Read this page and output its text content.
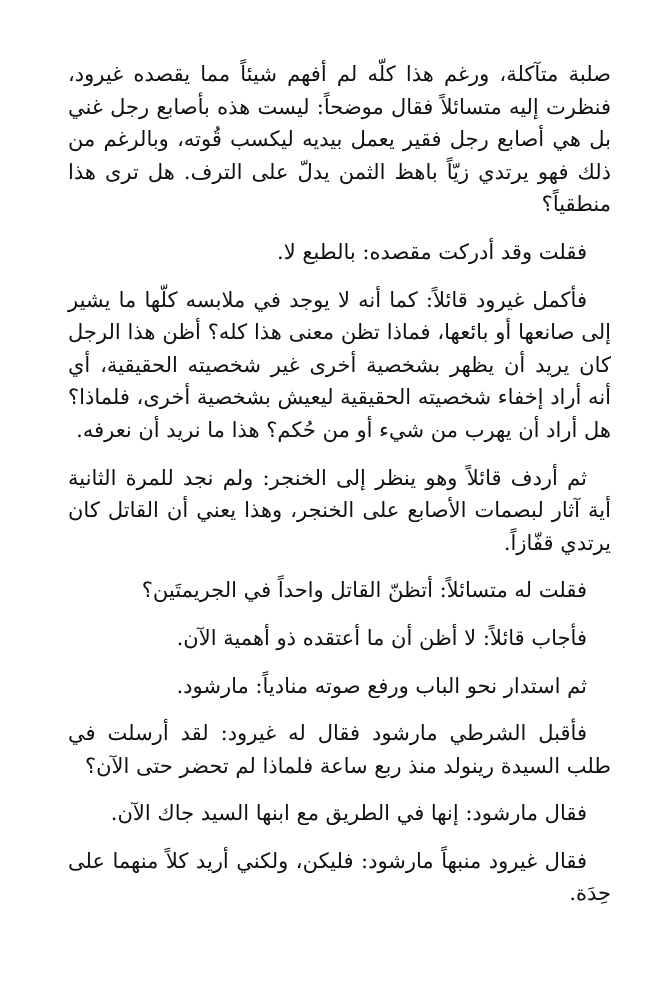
صلبة متآكلة، ورغم هذا كلّه لم أفهم شيئاً مما يقصده غيرود، فنظرت إليه متسائلاً فقال موضحاً: ليست هذه بأصابع رجل غني بل هي أصابع رجل فقير يعمل بيديه ليكسب قُوته، وبالرغم من ذلك فهو يرتدي زيّاً باهظ الثمن يدلّ على الترف. هل ترى هذا منطقياً؟

فقلت وقد أدركت مقصده: بالطبع لا.

فأكمل غيرود قائلاً: كما أنه لا يوجد في ملابسه كلّها ما يشير إلى صانعها أو بائعها، فماذا تظن معنى هذا كله؟ أظن هذا الرجل كان يريد أن يظهر بشخصية أخرى غير شخصيته الحقيقية، أي أنه أراد إخفاء شخصيته الحقيقية ليعيش بشخصية أخرى، فلماذا؟ هل أراد أن يهرب من شيء أو من حُكم؟ هذا ما نريد أن نعرفه.

ثم أردف قائلاً وهو ينظر إلى الخنجر: ولم نجد للمرة الثانية أية آثار لبصمات الأصابع على الخنجر، وهذا يعني أن القاتل كان يرتدي قفّازاً.

فقلت له متسائلاً: أتظنّ القاتل واحداً في الجريمتَين؟

فأجاب قائلاً: لا أظن أن ما أعتقده ذو أهمية الآن.

ثم استدار نحو الباب ورفع صوته منادياً: مارشود.

فأقبل الشرطي مارشود فقال له غيرود: لقد أرسلت في طلب السيدة رينولد منذ ربع ساعة فلماذا لم تحضر حتى الآن؟

فقال مارشود: إنها في الطريق مع ابنها السيد جاك الآن.

فقال غيرود منبهاً مارشود: فليكن، ولكني أريد كلاً منهما على حِدَة.
